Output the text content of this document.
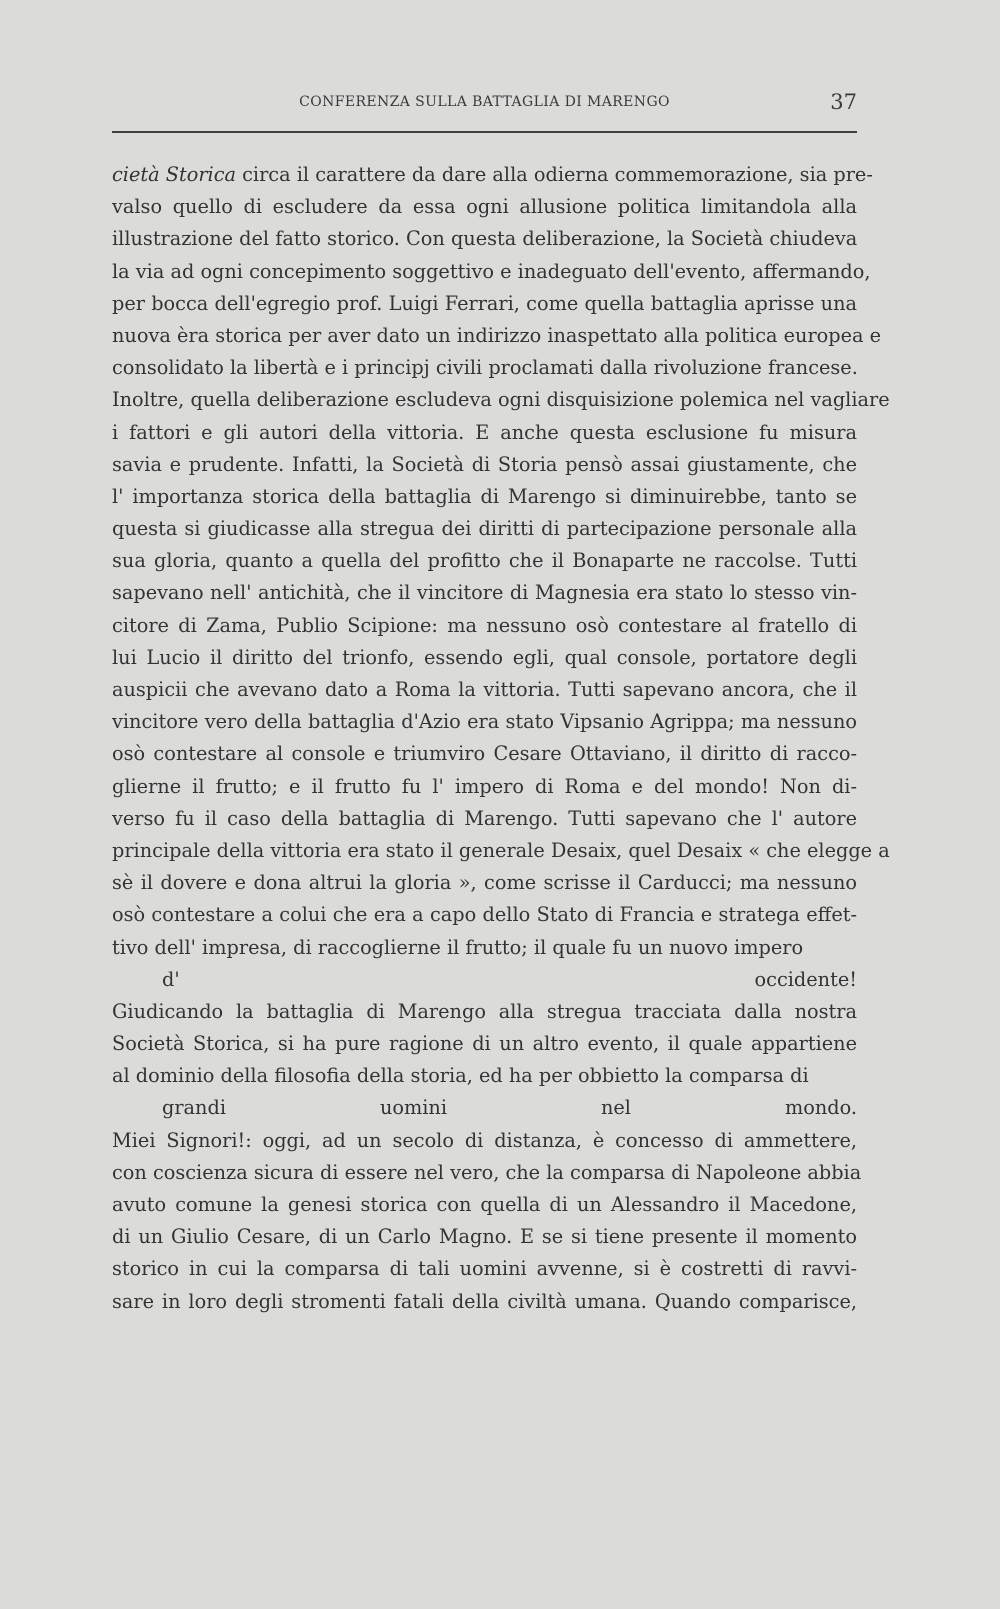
CONFERENZA SULLA BATTAGLIA DI MARENGO	37
cietà Storica circa il carattere da dare alla odierna commemorazione, sia pre-
valso quello di escludere da essa ogni allusione politica limitandola alla
illustrazione del fatto storico. Con questa deliberazione, la Società chiudeva
la via ad ogni concepimento soggettivo e inadeguato dell'evento, affermando,
per bocca dell'egregio prof. Luigi Ferrari, come quella battaglia aprisse una
nuova èra storica per aver dato un indirizzo inaspettato alla politica europea e
consolidato la libertà e i principj civili proclamati dalla rivoluzione francese.
Inoltre, quella deliberazione escludeva ogni disquisizione polemica nel vagliare
i fattori e gli autori della vittoria. E anche questa esclusione fu misura
savia e prudente. Infatti, la Società di Storia pensò assai giustamente, che
l' importanza storica della battaglia di Marengo si diminuirebbe, tanto se
questa si giudicasse alla stregua dei diritti di partecipazione personale alla
sua gloria, quanto a quella del profitto che il Bonaparte ne raccolse. Tutti
sapevano nell' antichità, che il vincitore di Magnesia era stato lo stesso vin-
citore di Zama, Publio Scipione: ma nessuno osò contestare al fratello di
lui Lucio il diritto del trionfo, essendo egli, qual console, portatore degli
auspicii che avevano dato a Roma la vittoria. Tutti sapevano ancora, che il
vincitore vero della battaglia d'Azio era stato Vipsanio Agrippa; ma nessuno
osò contestare al console e triumviro Cesare Ottaviano, il diritto di racco-
glierne il frutto; e il frutto fu l' impero di Roma e del mondo! Non di-
verso fu il caso della battaglia di Marengo. Tutti sapevano che l' autore
principale della vittoria era stato il generale Desaix, quel Desaix « che elegge a
sè il dovere e dona altrui la gloria », come scrisse il Carducci; ma nessuno
osò contestare a colui che era a capo dello Stato di Francia e stratega effet-
tivo dell' impresa, di raccoglierne il frutto; il quale fu un nuovo impero
d' occidente!
Giudicando la battaglia di Marengo alla stregua tracciata dalla nostra
Società Storica, si ha pure ragione di un altro evento, il quale appartiene
al dominio della filosofia della storia, ed ha per obbietto la comparsa di
grandi uomini nel mondo.
Miei Signori!: oggi, ad un secolo di distanza, è concesso di ammettere,
con coscienza sicura di essere nel vero, che la comparsa di Napoleone abbia
avuto comune la genesi storica con quella di un Alessandro il Macedone,
di un Giulio Cesare, di un Carlo Magno. E se si tiene presente il momento
storico in cui la comparsa di tali uomini avvenne, si è costretti di ravvi-
sare in loro degli stromenti fatali della civiltà umana. Quando comparisce,
